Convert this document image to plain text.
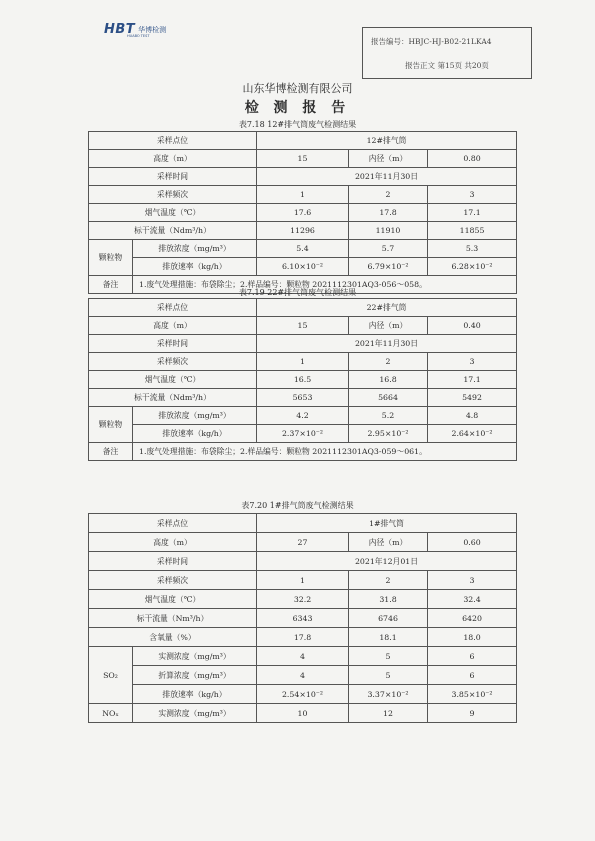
HBT 华博检测
HUABO TEST
报告编号：HBJC-HJ-B02-21LKA4
报告正文 第15页 共20页
山东华博检测有限公司
检 测 报 告
表7.18 12#排气筒废气检测结果
采样点位		12#排气筒		
高度（m）		15	内径（m）	0.80
采样时间		2021年11月30日		
采样频次		1	2	3
烟气温度（℃）		17.6	17.8	17.1
标干流量（Ndm³/h）		11296	11910	11855
颗粒物	排放浓度（mg/m³）	5.4	5.7	5.3
	排放速率（kg/h）	6.10×10⁻²	6.79×10⁻²	6.28×10⁻²
备注	1.废气处理措施：布袋除尘；2.样品编号：颗粒物 2021112301AQ3-056～058。			
表7.19 22#排气筒废气检测结果
采样点位		22#排气筒		
高度（m）		15	内径（m）	0.40
采样时间		2021年11月30日		
采样频次		1	2	3
烟气温度（℃）		16.5	16.8	17.1
标干流量（Ndm³/h）		5653	5664	5492
颗粒物	排放浓度（mg/m³）	4.2	5.2	4.8
	排放速率（kg/h）	2.37×10⁻²	2.95×10⁻²	2.64×10⁻²
备注	1.废气处理措施：布袋除尘；2.样品编号：颗粒物 2021112301AQ3-059～061。			
表7.20 1#排气筒废气检测结果
采样点位		1#排气筒		
高度（m）		27	内径（m）	0.60
采样时间		2021年12月01日		
采样频次		1	2	3
烟气温度（℃）		32.2	31.8	32.4
标干流量（Nm³/h）		6343	6746	6420
含氧量（%）		17.8	18.1	18.0
SO₂	实测浓度（mg/m³）	4	5	6
	折算浓度（mg/m³）	4	5	6
	排放速率（kg/h）	2.54×10⁻²	3.37×10⁻²	3.85×10⁻²
NOₓ	实测浓度（mg/m³）	10	12	9
